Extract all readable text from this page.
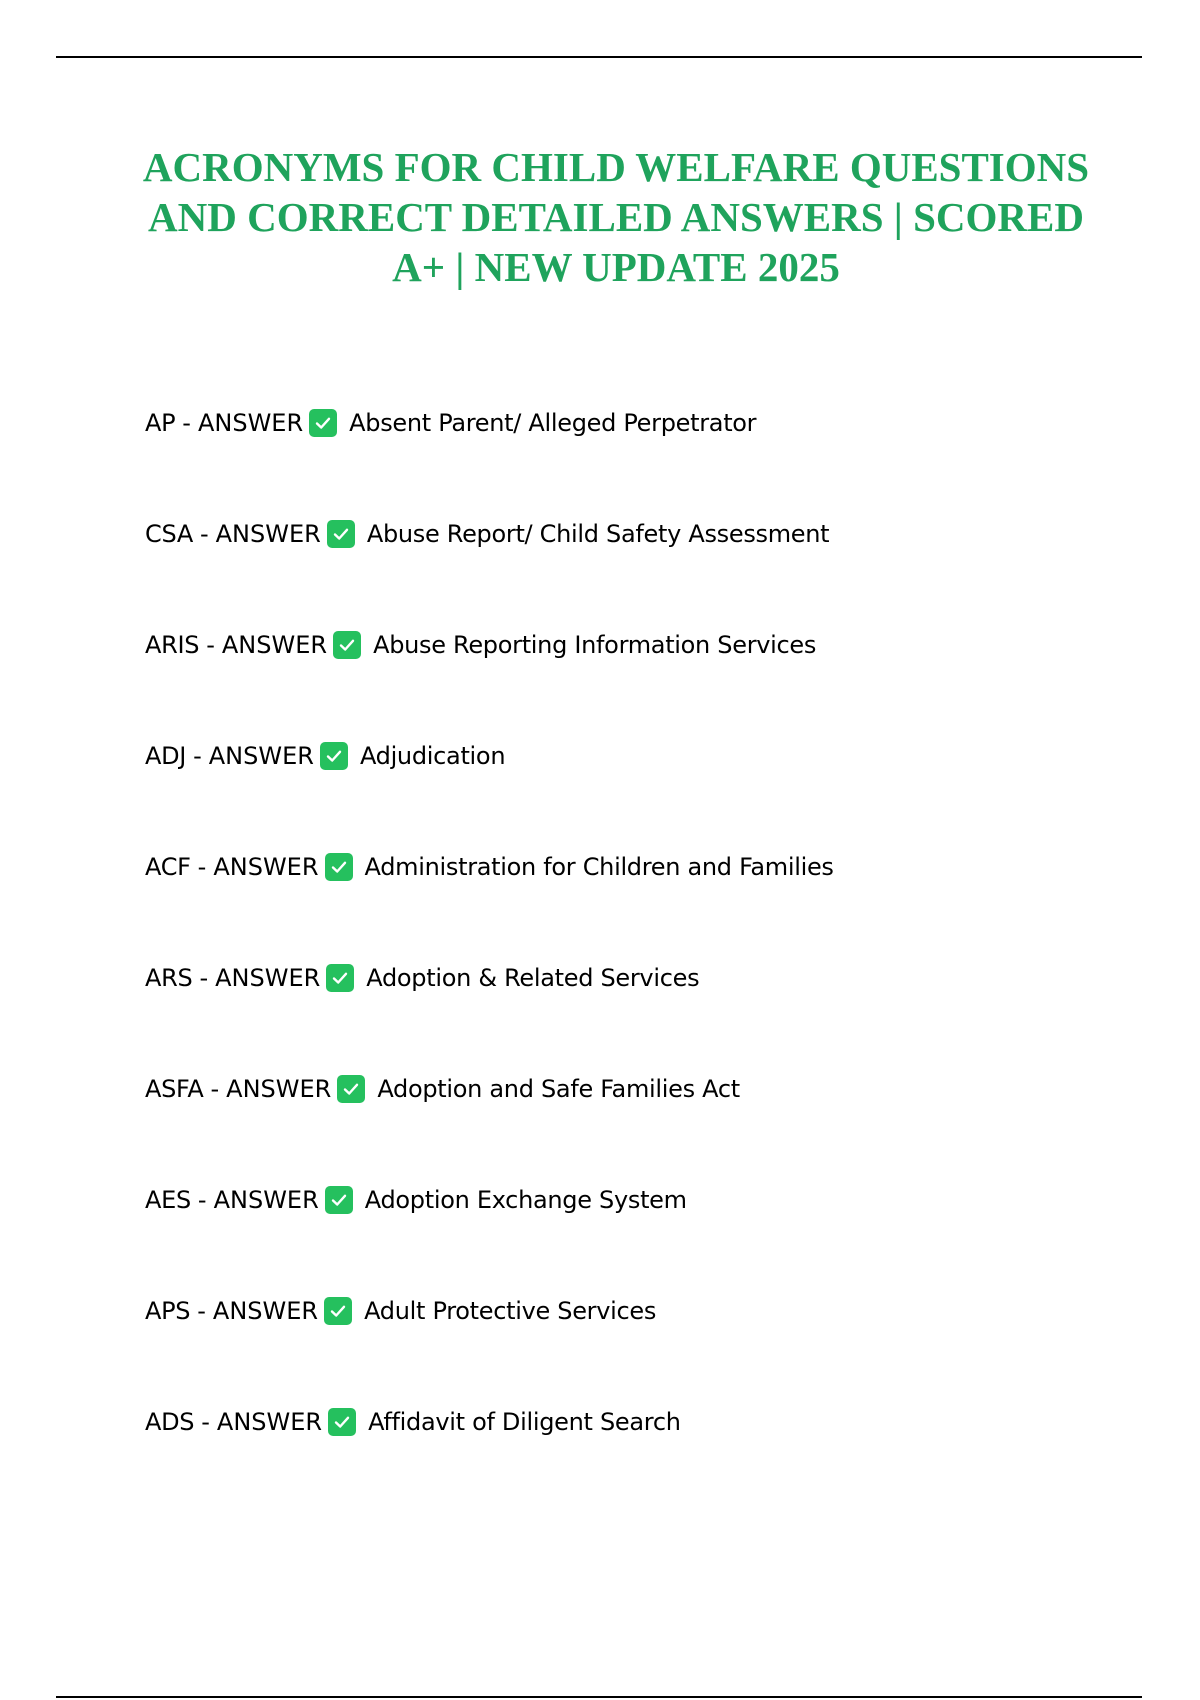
ACRONYMS FOR CHILD WELFARE QUESTIONS
AND CORRECT DETAILED ANSWERS | SCORED
A+ | NEW UPDATE 2025
AP - ANSWER Absent Parent/ Alleged Perpetrator
CSA - ANSWER Abuse Report/ Child Safety Assessment
ARIS - ANSWER Abuse Reporting Information Services
ADJ - ANSWER Adjudication
ACF - ANSWER Administration for Children and Families
ARS - ANSWER Adoption & Related Services
ASFA - ANSWER Adoption and Safe Families Act
AES - ANSWER Adoption Exchange System
APS - ANSWER Adult Protective Services
ADS - ANSWER Affidavit of Diligent Search
